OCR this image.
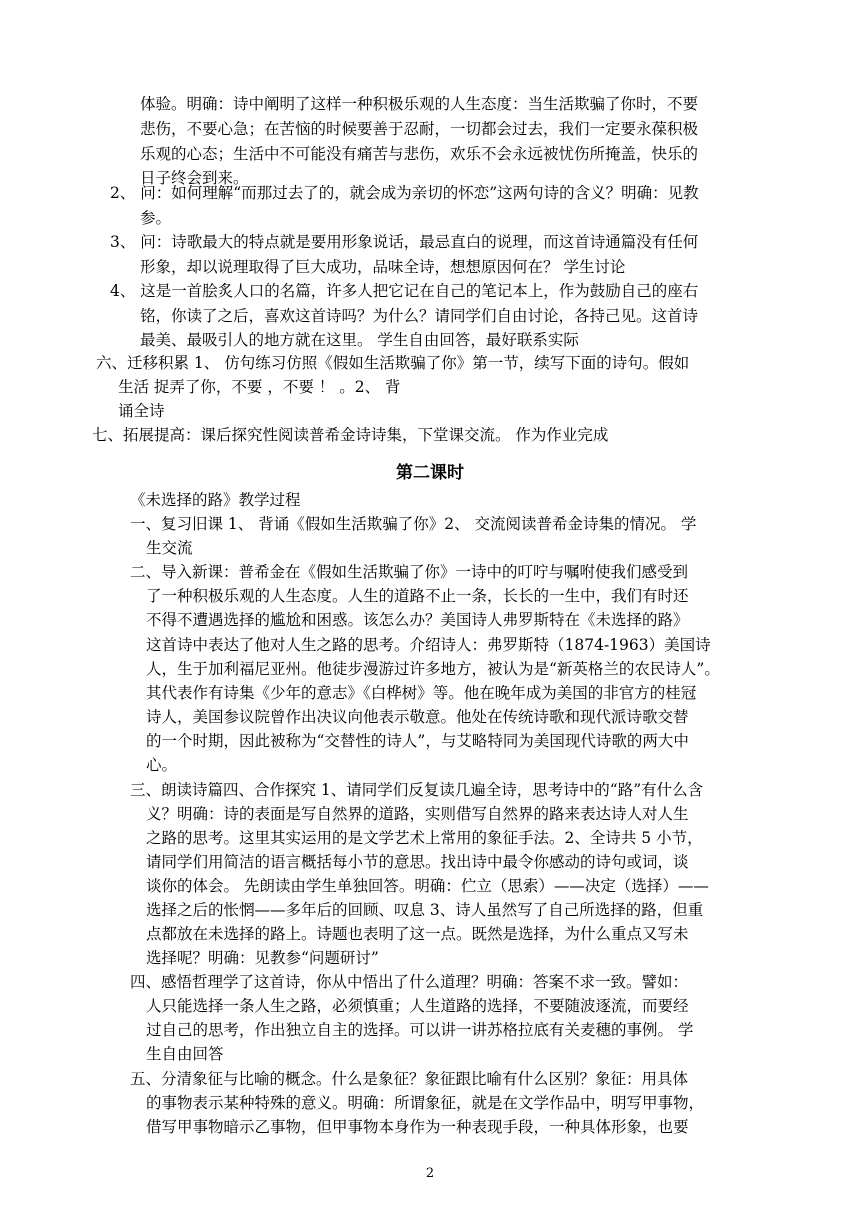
体验。明确：诗中阐明了这样一种积极乐观的人生态度：当生活欺骗了你时，不要
悲伤，不要心急；在苦恼的时候要善于忍耐，一切都会过去，我们一定要永葆积极
乐观的心态；生活中不可能没有痛苦与悲伤，欢乐不会永远被忧伤所掩盖，快乐的
日子终会到来。
2、 问：如何理解“而那过去了的，就会成为亲切的怀恋”这两句诗的含义？明确：见教
参。
3、 问：诗歌最大的特点就是要用形象说话，最忌直白的说理，而这首诗通篇没有任何
形象，却以说理取得了巨大成功，品味全诗，想想原因何在？ 学生讨论
4、 这是一首脍炙人口的名篇，许多人把它记在自己的笔记本上，作为鼓励自己的座右
铭，你读了之后，喜欢这首诗吗？为什么？请同学们自由讨论，各持己见。这首诗
最美、最吸引人的地方就在这里。 学生自由回答，最好联系实际
六、迁移积累 1、 仿句练习仿照《假如生活欺骗了你》第一节，续写下面的诗句。假如
生活 捉弄了你，不要 ，不要 ！ 。2、 背
诵全诗
七、拓展提高：课后探究性阅读普希金诗诗集，下堂课交流。 作为作业完成
第二课时
《未选择的路》教学过程
一、复习旧课 1、 背诵《假如生活欺骗了你》2、 交流阅读普希金诗集的情况。 学
生交流
二、导入新课：普希金在《假如生活欺骗了你》一诗中的叮咛与嘱咐使我们感受到
了一种积极乐观的人生态度。人生的道路不止一条，长长的一生中，我们有时还
不得不遭遇选择的尴尬和困惑。该怎么办？美国诗人弗罗斯特在《未选择的路》
这首诗中表达了他对人生之路的思考。介绍诗人：弗罗斯特（1874-1963）美国诗
人，生于加利福尼亚州。他徒步漫游过许多地方，被认为是“新英格兰的农民诗人”。
其代表作有诗集《少年的意志》《白桦树》等。他在晚年成为美国的非官方的桂冠
诗人，美国参议院曾作出决议向他表示敬意。他处在传统诗歌和现代派诗歌交替
的一个时期，因此被称为“交替性的诗人”，与艾略特同为美国现代诗歌的两大中
心。
三、朗读诗篇四、合作探究 1、请同学们反复读几遍全诗，思考诗中的“路”有什么含
义？明确：诗的表面是写自然界的道路，实则借写自然界的路来表达诗人对人生
之路的思考。这里其实运用的是文学艺术上常用的象征手法。2、全诗共 5 小节，
请同学们用简洁的语言概括每小节的意思。找出诗中最令你感动的诗句或词，谈
谈你的体会。 先朗读由学生单独回答。明确：伫立（思索）——决定（选择）——
选择之后的怅惘——多年后的回顾、叹息 3、诗人虽然写了自己所选择的路，但重
点都放在未选择的路上。诗题也表明了这一点。既然是选择，为什么重点又写未
选择呢？明确：见教参“问题研讨”
四、感悟哲理学了这首诗，你从中悟出了什么道理？明确：答案不求一致。譬如：
人只能选择一条人生之路，必须慎重；人生道路的选择，不要随波逐流，而要经
过自己的思考，作出独立自主的选择。可以讲一讲苏格拉底有关麦穗的事例。 学
生自由回答
五、分清象征与比喻的概念。什么是象征？象征跟比喻有什么区别？象征：用具体
的事物表示某种特殊的意义。明确：所谓象征，就是在文学作品中，明写甲事物，
借写甲事物暗示乙事物，但甲事物本身作为一种表现手段，一种具体形象，也要
2
